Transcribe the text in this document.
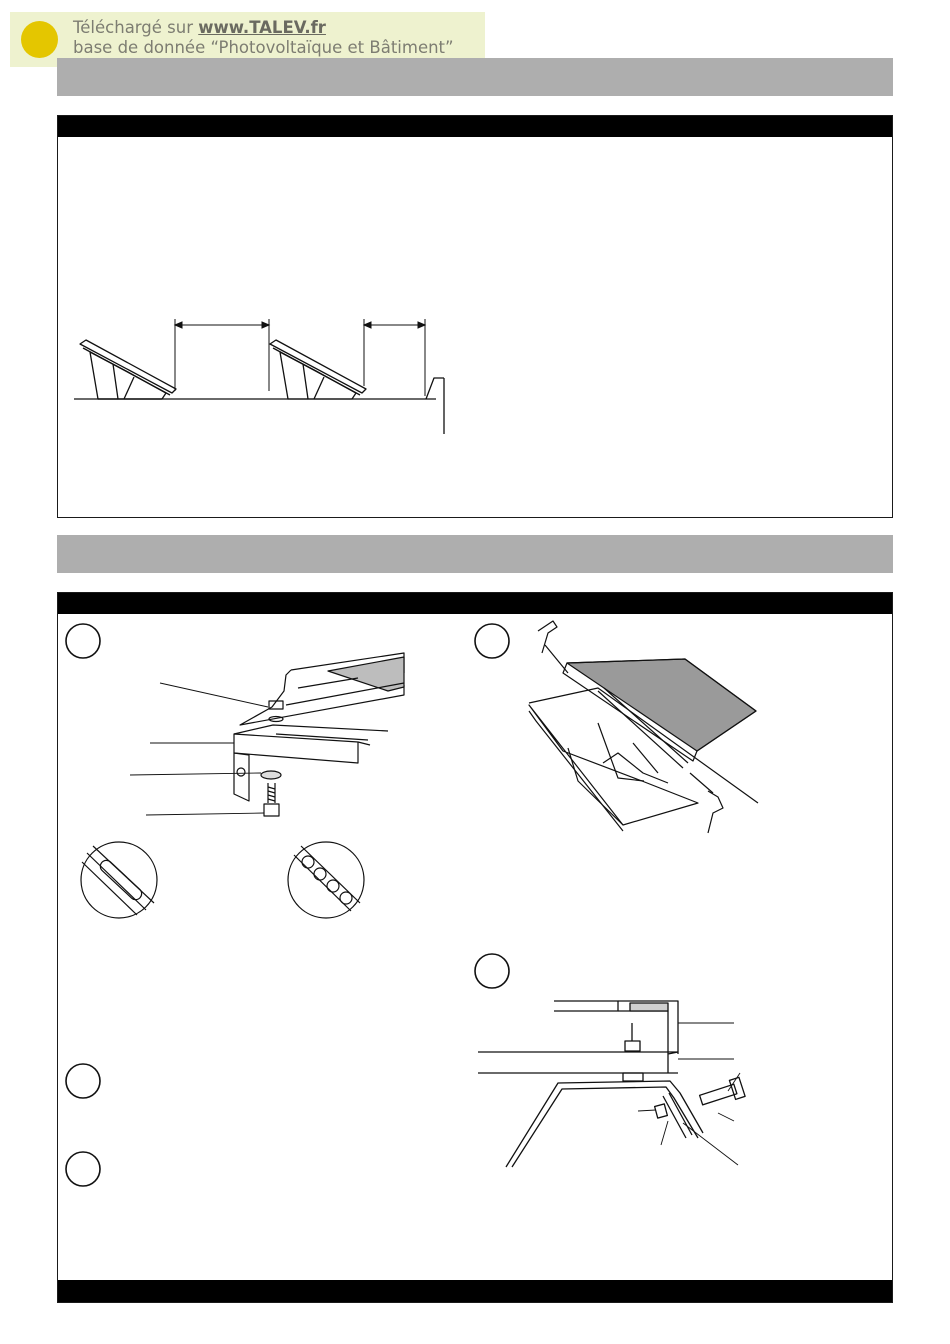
Téléchargé sur www.TALEV.fr
base de donnée “Photovoltaïque et Bâtiment”
